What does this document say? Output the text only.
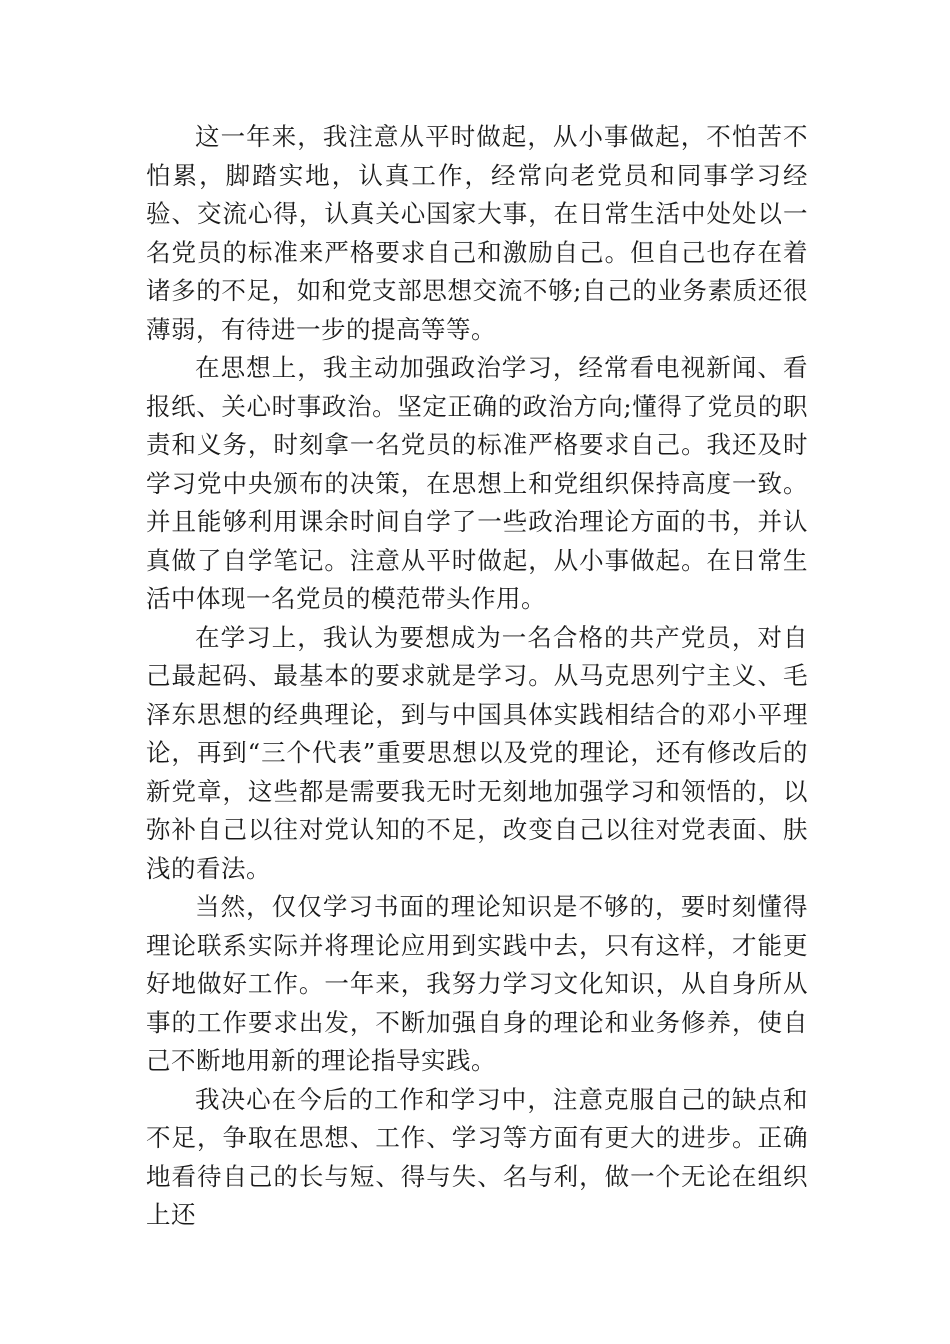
这一年来，我注意从平时做起，从小事做起，不怕苦不怕累，脚踏实地，认真工作，经常向老党员和同事学习经验、交流心得，认真关心国家大事，在日常生活中处处以一名党员的标准来严格要求自己和激励自己。但自己也存在着诸多的不足，如和党支部思想交流不够;自己的业务素质还很薄弱，有待进一步的提高等等。

在思想上，我主动加强政治学习，经常看电视新闻、看报纸、关心时事政治。坚定正确的政治方向;懂得了党员的职责和义务，时刻拿一名党员的标准严格要求自己。我还及时学习党中央颁布的决策，在思想上和党组织保持高度一致。并且能够利用课余时间自学了一些政治理论方面的书，并认真做了自学笔记。注意从平时做起，从小事做起。在日常生活中体现一名党员的模范带头作用。

在学习上，我认为要想成为一名合格的共产党员，对自己最起码、最基本的要求就是学习。从马克思列宁主义、毛泽东思想的经典理论，到与中国具体实践相结合的邓小平理论，再到“三个代表”重要思想以及党的理论，还有修改后的新党章，这些都是需要我无时无刻地加强学习和领悟的，以弥补自己以往对党认知的不足，改变自己以往对党表面、肤浅的看法。

当然，仅仅学习书面的理论知识是不够的，要时刻懂得理论联系实际并将理论应用到实践中去，只有这样，才能更好地做好工作。一年来，我努力学习文化知识，从自身所从事的工作要求出发，不断加强自身的理论和业务修养，使自己不断地用新的理论指导实践。

我决心在今后的工作和学习中，注意克服自己的缺点和不足，争取在思想、工作、学习等方面有更大的进步。正确地看待自己的长与短、得与失、名与利，做一个无论在组织上还
